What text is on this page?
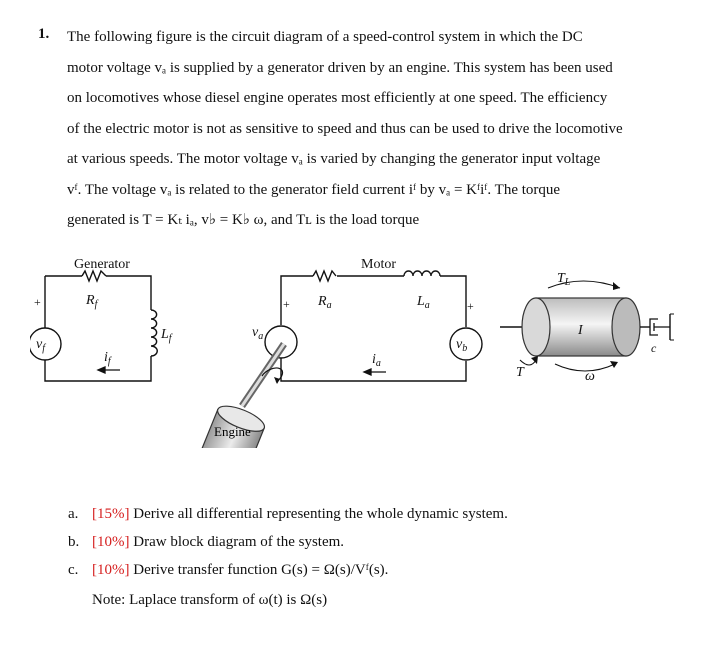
1. The following figure is the circuit diagram of a speed-control system in which the DC
motor voltage vₐ is supplied by a generator driven by an engine. This system has been used
on locomotives whose diesel engine operates most efficiently at one speed. The efficiency
of the electric motor is not as sensitive to speed and thus can be used to drive the locomotive
at various speeds. The motor voltage vₐ is varied by changing the generator input voltage
vᶠ. The voltage vₐ is related to the generator field current iᶠ by vₐ = Kᶠiᶠ. The torque
generated is T = Kₜ iₐ, v♭ = K♭ ω, and Tʟ is the load torque
Engine
Generator	Motor
$R_f$
$L_f$
$v_f$
$i_f$
$v_a$
$R_a$	$L_a$
$v_b$
$i_a$
$T_L$
I
c
T	ω
+	+	+
a. [15%] Derive all differential representing the whole dynamic system.
b. [10%] Draw block diagram of the system.
c. [10%] Derive transfer function G(s) = Ω(s)/Vᶠ(s).
Note: Laplace transform of ω(t) is Ω(s)
